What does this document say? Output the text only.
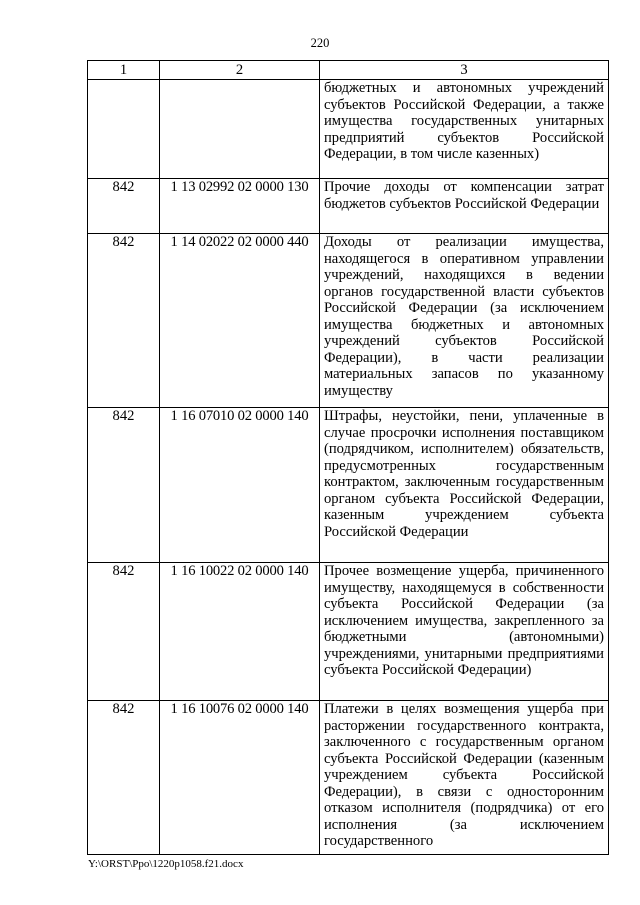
220
1	2	3
		бюджетных и автономных учреждений субъектов Российской Федерации, а также имущества государственных унитарных предприятий субъектов Российской Федерации, в том числе казенных)
842	1 13 02992 02 0000 130	Прочие доходы от компенсации затрат бюджетов субъектов Российской Федерации
842	1 14 02022 02 0000 440	Доходы от реализации имущества, находящегося в оперативном управлении учреждений, находящихся в ведении органов государственной власти субъектов Российской Федерации (за исключением имущества бюджетных и автономных учреждений субъектов Российской Федерации), в части реализации материальных запасов по указанному имуществу
842	1 16 07010 02 0000 140	Штрафы, неустойки, пени, уплаченные в случае просрочки исполнения поставщиком (подрядчиком, исполнителем) обязательств, предусмотренных государственным контрактом, заключенным государственным органом субъекта Российской Федерации, казенным учреждением субъекта Российской Федерации
842	1 16 10022 02 0000 140	Прочее возмещение ущерба, причиненного имуществу, находящемуся в собственности субъекта Российской Федерации (за исключением имущества, закрепленного за бюджетными (автономными) учреждениями, унитарными предприятиями субъекта Российской Федерации)
842	1 16 10076 02 0000 140	Платежи в целях возмещения ущерба при расторжении государственного контракта, заключенного с государственным органом субъекта Российской Федерации (казенным учреждением субъекта Российской Федерации), в связи с односторонним отказом исполнителя (подрядчика) от его исполнения (за исключением государственного
Y:\ORST\Ppo\1220p1058.f21.docx
